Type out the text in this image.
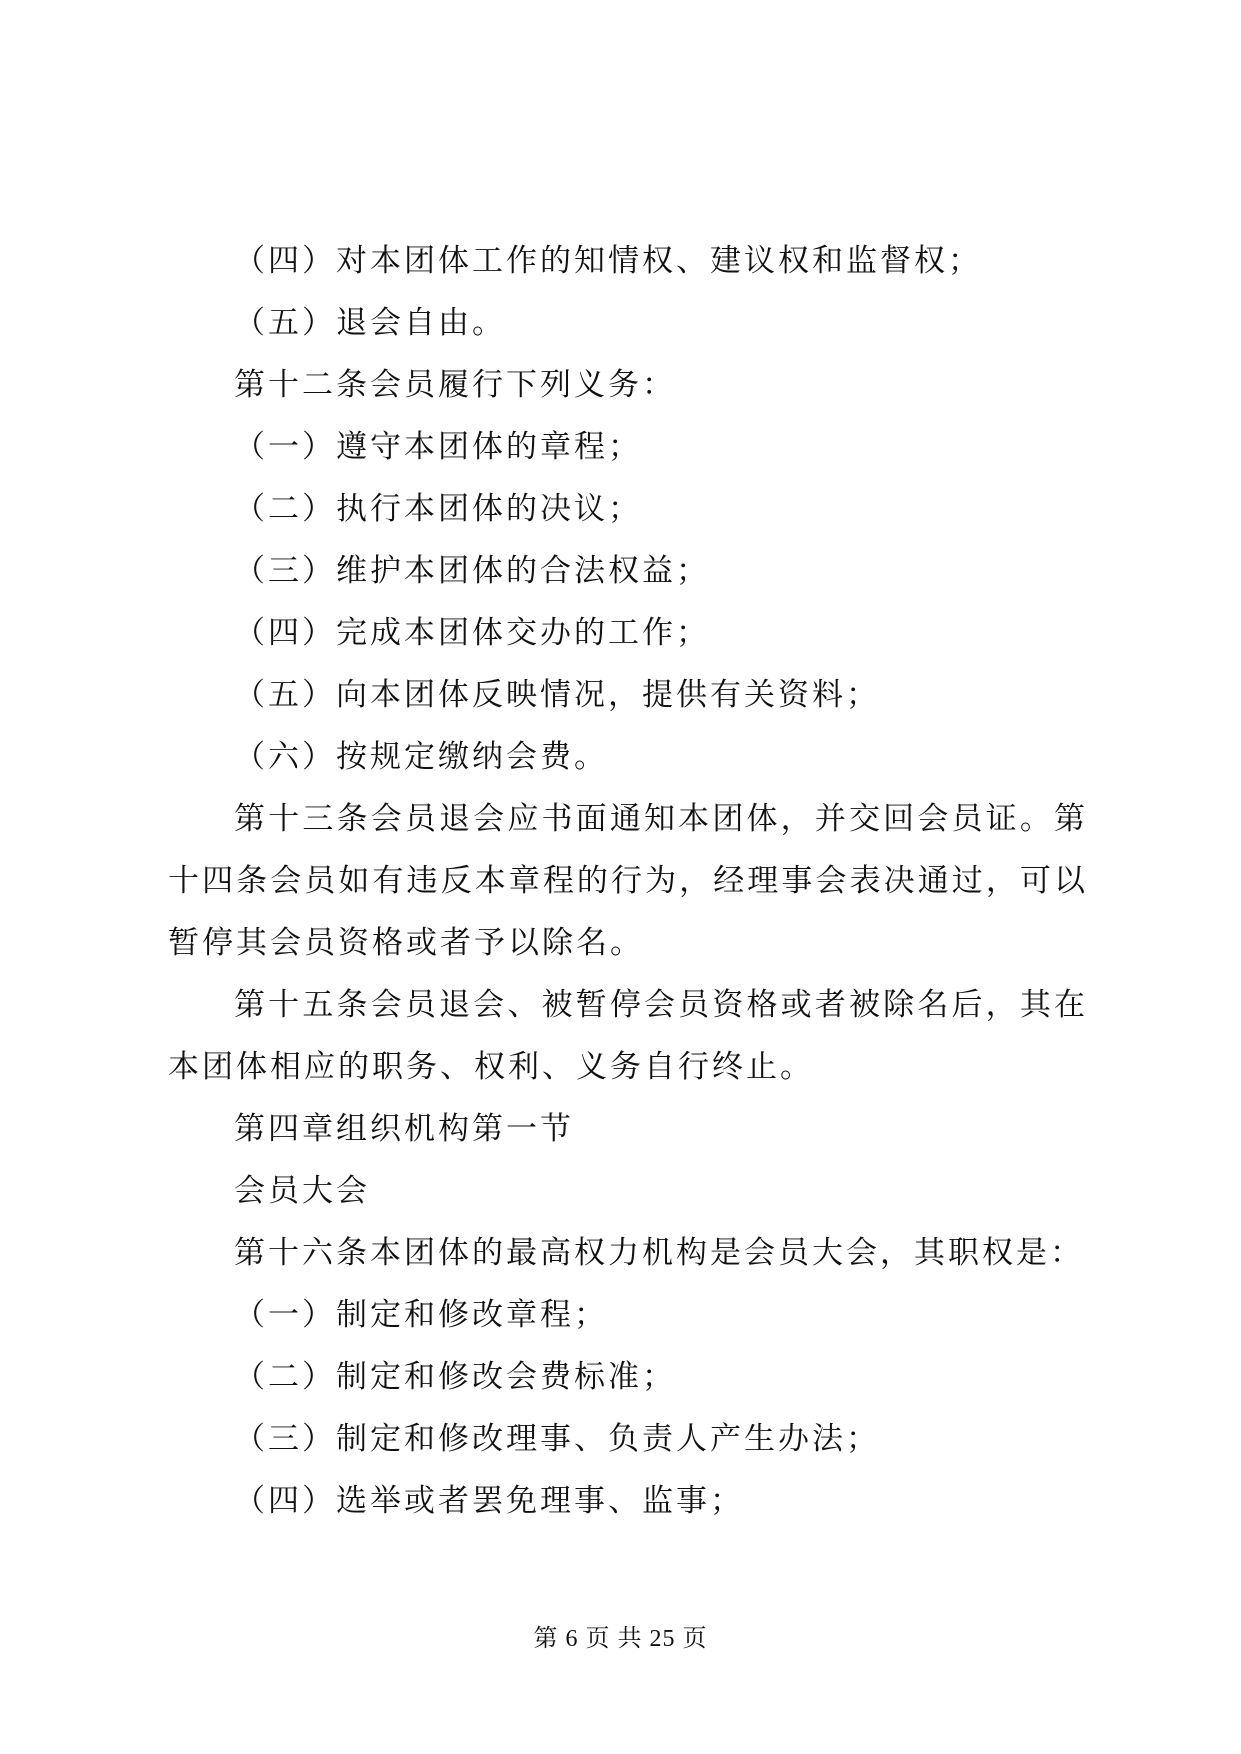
（四）对本团体工作的知情权、建议权和监督权；

（五）退会自由。

第十二条会员履行下列义务：

（一）遵守本团体的章程；

（二）执行本团体的决议；

（三）维护本团体的合法权益；

（四）完成本团体交办的工作；

（五）向本团体反映情况，提供有关资料；

（六）按规定缴纳会费。

第十三条会员退会应书面通知本团体，并交回会员证。第十四条会员如有违反本章程的行为，经理事会表决通过，可以暂停其会员资格或者予以除名。

第十五条会员退会、被暂停会员资格或者被除名后，其在本团体相应的职务、权利、义务自行终止。

第四章组织机构第一节

会员大会

第十六条本团体的最高权力机构是会员大会，其职权是：

（一）制定和修改章程；

（二）制定和修改会费标准；

（三）制定和修改理事、负责人产生办法；

（四）选举或者罢免理事、监事；

第 6 页 共 25 页
